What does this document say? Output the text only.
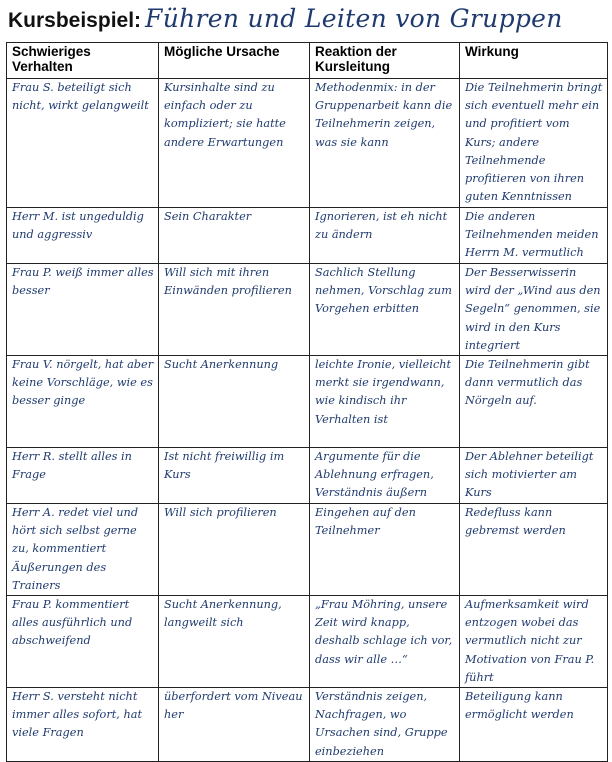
Kursbeispiel: Führen und Leiten von Gruppen
Schwieriges Verhalten	Mögliche Ursache	Reaktion der Kursleitung	Wirkung
Frau S. beteiligt sich nicht, wirkt gelangweilt	Kursinhalte sind zu einfach oder zu kompliziert; sie hatte andere Erwartungen	Methodenmix: in der Gruppenarbeit kann die Teilnehmerin zeigen, was sie kann	Die Teilnehmerin bringt sich eventuell mehr ein und profitiert vom Kurs; andere Teilnehmende profitieren von ihren guten Kenntnissen
Herr M. ist ungeduldig und aggressiv	Sein Charakter	Ignorieren, ist eh nicht zu ändern	Die anderen Teilnehmenden meiden Herrn M. vermutlich
Frau P. weiß immer alles besser	Will sich mit ihren Einwänden profilieren	Sachlich Stellung nehmen, Vorschlag zum Vorgehen erbitten	Der Besserwisserin wird der „Wind aus den Segeln“ genommen, sie wird in den Kurs integriert
Frau V. nörgelt, hat aber keine Vorschläge, wie es besser ginge	Sucht Anerkennung	leichte Ironie, vielleicht merkt sie irgendwann, wie kindisch ihr Verhalten ist	Die Teilnehmerin gibt dann vermutlich das Nörgeln auf.
Herr R. stellt alles in Frage	Ist nicht freiwillig im Kurs	Argumente für die Ablehnung erfragen, Verständnis äußern	Der Ablehner beteiligt sich motivierter am Kurs
Herr A. redet viel und hört sich selbst gerne zu, kommentiert Äußerungen des Trainers	Will sich profilieren	Eingehen auf den Teilnehmer	Redefluss kann gebremst werden
Frau P. kommentiert alles ausführlich und abschweifend	Sucht Anerkennung, langweilt sich	„Frau Möhring, unsere Zeit wird knapp, deshalb schlage ich vor, dass wir alle …“	Aufmerksamkeit wird entzogen wobei das vermutlich nicht zur Motivation von Frau P. führt
Herr S. versteht nicht immer alles sofort, hat viele Fragen	überfordert vom Niveau her	Verständnis zeigen, Nachfragen, wo Ursachen sind, Gruppe einbeziehen	Beteiligung kann ermöglicht werden
